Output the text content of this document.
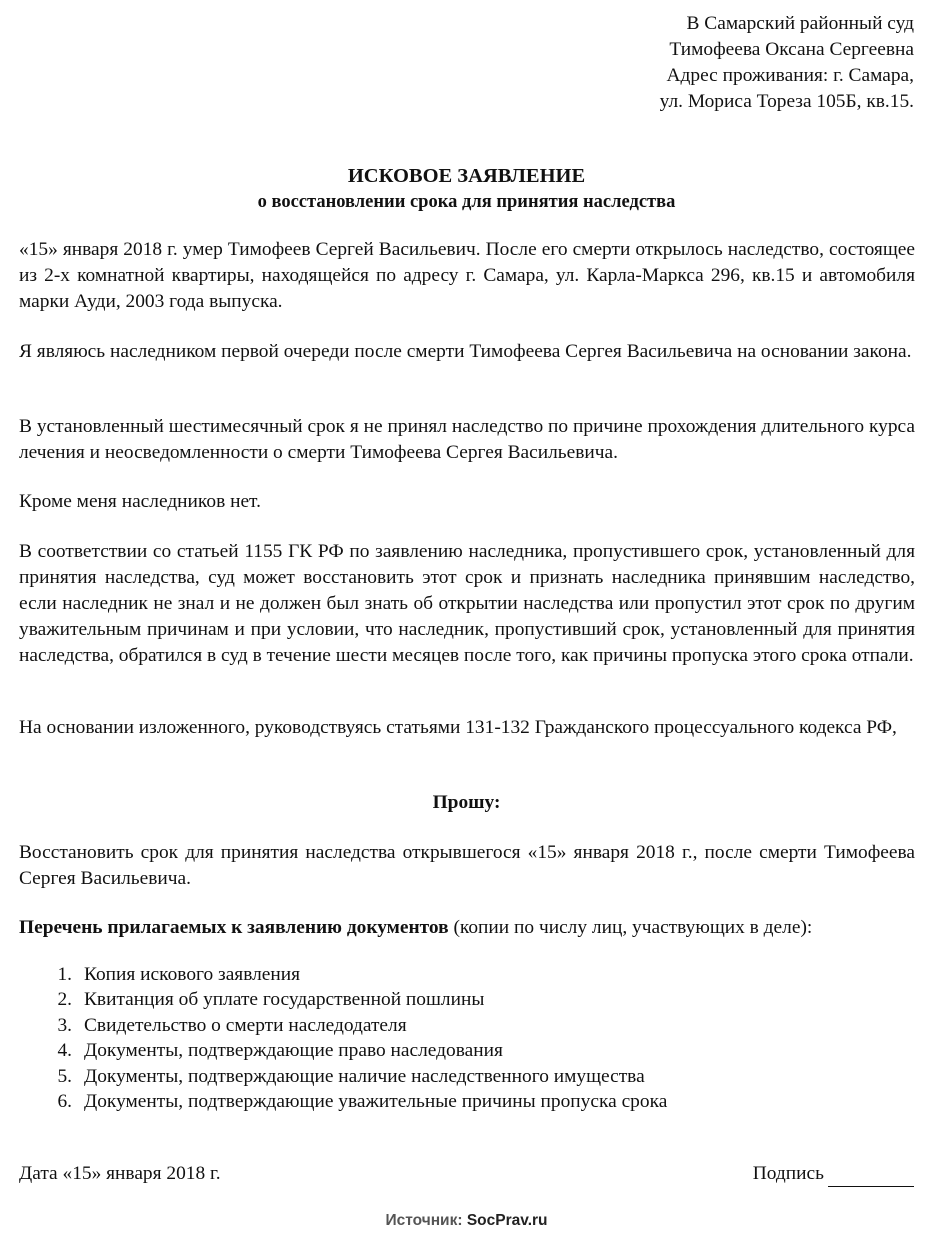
В Самарский районный суд
Тимофеева Оксана Сергеевна
Адрес проживания: г. Самара,
ул. Мориса Тореза 105Б, кв.15.
ИСКОВОЕ ЗАЯВЛЕНИЕ
о восстановлении срока для принятия наследства
«15» января 2018 г. умер Тимофеев Сергей Васильевич. После его смерти открылось наследство, состоящее из 2-х комнатной квартиры, находящейся по адресу г. Самара, ул. Карла-Маркса 296, кв.15 и автомобиля марки Ауди, 2003 года выпуска.
Я являюсь наследником первой очереди после смерти Тимофеева Сергея Васильевича на основании закона.
В установленный шестимесячный срок я не принял наследство по причине прохождения длительного курса лечения и неосведомленности о смерти Тимофеева Сергея Васильевича.
Кроме меня наследников нет.
В соответствии со статьей 1155 ГК РФ по заявлению наследника, пропустившего срок, установленный для принятия наследства, суд может восстановить этот срок и признать наследника принявшим наследство, если наследник не знал и не должен был знать об открытии наследства или пропустил этот срок по другим уважительным причинам и при условии, что наследник, пропустивший срок, установленный для принятия наследства, обратился в суд в течение шести месяцев после того, как причины пропуска этого срока отпали.
На основании изложенного, руководствуясь статьями 131-132 Гражданского процессуального кодекса РФ,
Прошу:
Восстановить срок для принятия наследства открывшегося «15» января 2018 г., после смерти Тимофеева Сергея Васильевича.
Перечень прилагаемых к заявлению документов (копии по числу лиц, участвующих в деле):
1. Копия искового заявления
2. Квитанция об уплате государственной пошлины
3. Свидетельство о смерти наследодателя
4. Документы, подтверждающие право наследования
5. Документы, подтверждающие наличие наследственного имущества
6. Документы, подтверждающие уважительные причины пропуска срока
Дата «15» января 2018 г.	Подпись
Источник: SocPrav.ru
